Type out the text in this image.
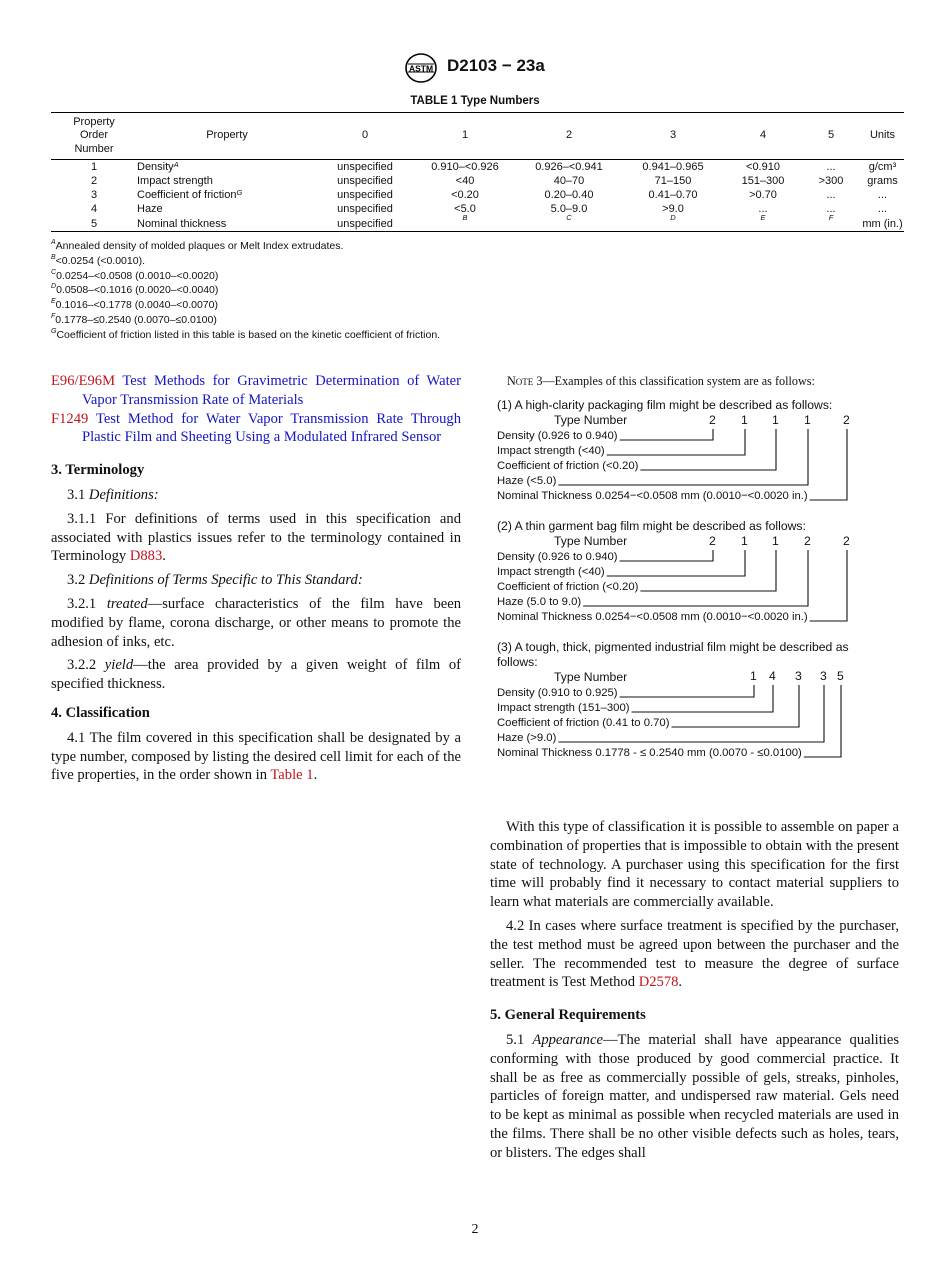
ASTM D2103 − 23a
TABLE 1 Type Numbers
Property
Order
Number	Property	0	1	2	3	4	5	Units
1	Density$^A$	unspecified	0.910–<0.926	0.926–<0.941	0.941–0.965	<0.910	...	g/cm³
2	Impact strength	unspecified	<40	40–70	71–150	151–300	>300	grams
3	Coefficient of friction$^G$	unspecified	<0.20	0.20–0.40	0.41–0.70	>0.70	...	...
4	Haze	unspecified	<5.0	5.0–9.0	>9.0	...	...	...
5	Nominal thickness	unspecified	$^B$	$^C$	$^D$	$^E$	$^F$	mm (in.)
$^A$Annealed density of molded plaques or Melt Index extrudates.
$^B$<0.0254 (<0.0010).
$^C$0.0254–<0.0508 (0.0010–<0.0020)
$^D$0.0508–<0.1016 (0.0020–<0.0040)
$^E$0.1016–<0.1778 (0.0040–<0.0070)
$^F$0.1778–≤0.2540 (0.0070–≤0.0100)
$^G$Coefficient of friction listed in this table is based on the kinetic coefficient of friction.

E96/E96M Test Methods for Gravimetric Determination of Water Vapor Transmission Rate of Materials

F1249 Test Method for Water Vapor Transmission Rate Through Plastic Film and Sheeting Using a Modulated Infrared Sensor

3. Terminology

3.1 Definitions:

3.1.1 For definitions of terms used in this specification and associated with plastics issues refer to the terminology contained in Terminology D883.

3.2 Definitions of Terms Specific to This Standard:

3.2.1 treated—surface characteristics of the film have been modified by flame, corona discharge, or other means to promote the adhesion of inks, etc.

3.2.2 yield—the area provided by a given weight of film of specified thickness.

4. Classification

4.1 The film covered in this specification shall be designated by a type number, composed by listing the desired cell limit for each of the five properties, in the order shown in Table 1.

Note 3—Examples of this classification system are as follows:
(1) A high-clarity packaging film might be described as follows:
Type Number	2 1 1 1	2
Density (0.926 to 0.940)
Impact strength (<40)
Coefficient of friction (<0.20)
Haze (<5.0)
Nominal Thickness 0.0254−<0.0508 mm (0.0010−<0.0020 in.)
(2) A thin garment bag film might be described as follows:
Type Number	2 1 1 2	2
Density (0.926 to 0.940)
Impact strength (<40)
Coefficient of friction (<0.20)
Haze (5.0 to 9.0)
Nominal Thickness 0.0254−<0.0508 mm (0.0010−<0.0020 in.)
(3) A tough, thick, pigmented industrial film might be described as
follows:
Type Number	1 4 3 3 5
Density (0.910 to 0.925)
Impact strength (151–300)
Coefficient of friction (0.41 to 0.70)
Haze (>9.0)
Nominal Thickness 0.1778 - ≤ 0.2540 mm (0.0070 - ≤0.0100)

With this type of classification it is possible to assemble on paper a combination of properties that is impossible to obtain with the present state of technology. A purchaser using this specification for the first time will probably find it necessary to contact material suppliers to learn what materials are commercially available.

4.2 In cases where surface treatment is specified by the purchaser, the test method must be agreed upon between the purchaser and the seller. The recommended test to measure the degree of surface treatment is Test Method D2578.

5. General Requirements

5.1 Appearance—The material shall have appearance qualities conforming with those produced by good commercial practice. It shall be as free as commercially possible of gels, streaks, pinholes, particles of foreign matter, and undispersed raw material. Gels need to be kept as minimal as possible when recycled materials are used in the films. There shall be no other visible defects such as holes, tears, or blisters. The edges shall

2
